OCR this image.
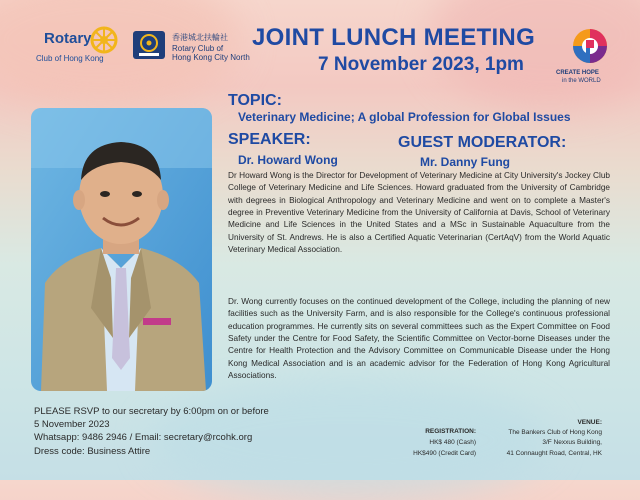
Rotary
Club of Hong Kong
香港城北扶輪社
Rotary Club of
Hong Kong City North
JOINT LUNCH MEETING
7 November 2023, 1pm	CREATE HOPE
in the WORLD
TOPIC:
Veterinary Medicine; A global Profession for Global Issues
SPEAKER:
Dr. Howard Wong
GUEST MODERATOR:
Mr. Danny Fung

Dr Howard Wong is the Director for Development of Veterinary Medicine at City University's Jockey Club College of Veterinary Medicine and Life Sciences. Howard graduated from the University of Cambridge with degrees in Biological Anthropology and Veterinary Medicine and went on to complete a Master's degree in Preventive Veterinary Medicine from the University of California at Davis, School of Veterinary Medicine and Life Sciences in the United States and a MSc in Sustainable Aquaculture from the University of St. Andrews. He is also a Certified Aquatic Veterinarian (CertAqV) from the World Aquatic Veterinary Medical Association.

Dr. Wong currently focuses on the continued development of the College, including the planning of new facilities such as the University Farm, and is also responsible for the College's continuous professional education programmes. He currently sits on several committees such as the Expert Committee on Food Safety under the Centre for Food Safety, the Scientific Committee on Vector-borne Diseases under the Centre for Health Protection and the Advisory Committee on Communicable Disease under the Hong Kong Medical Association and is an academic advisor for the Federation of Hong Kong Agricultural Associations.

PLEASE RSVP to our secretary by 6:00pm on or before
5 November 2023
Whatsapp: 9486 2946 / Email: secretary@rcohk.org
Dress code: Business Attire
REGISTRATION:
HK$ 480 (Cash)
HK$490 (Credit Card)
VENUE:
The Bankers Club of Hong Kong
3/F Nexxus Building,
41 Connaught Road, Central, HK
